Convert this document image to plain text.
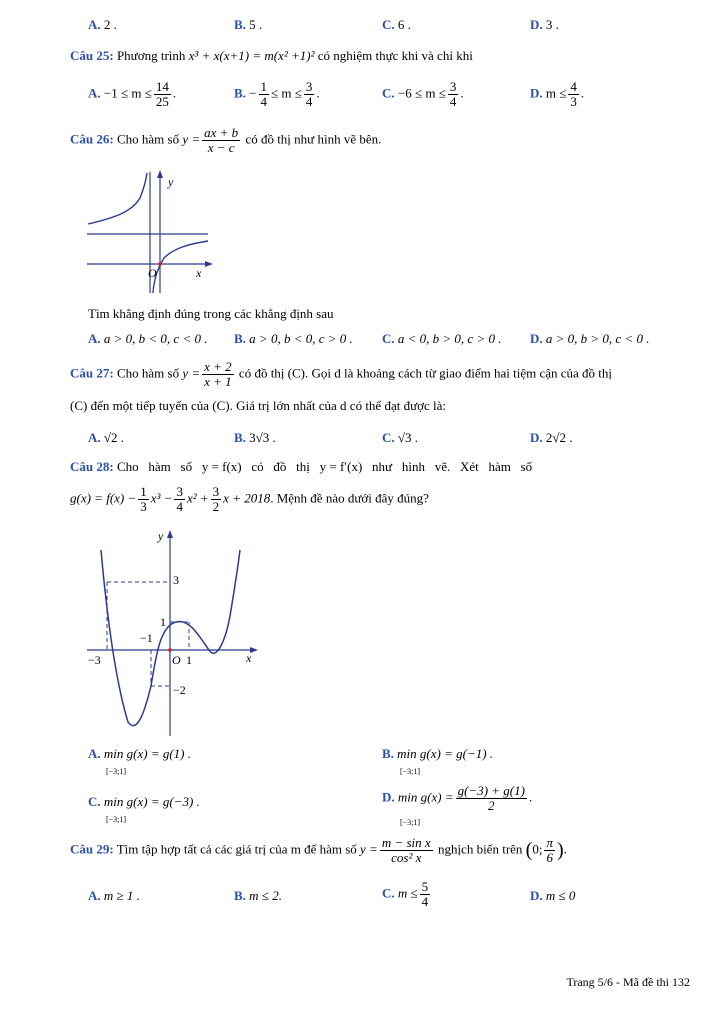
A. 2 .	B. 5 .	C. 6 .	D. 3 .
Câu 25: Phương trình x³ + x(x+1) = m(x² +1)² có nghiệm thực khi và chỉ khi
A. $-1 \le m \le \frac{14}{25}$ .	B. − $\frac{1}{4} \le m \le \frac{3}{4}$ .	C. $-6 \le m \le \frac{3}{4}$ .	D. $m \le \frac{4}{3}$ .
Câu 26: Cho hàm số $y = \frac{ax + b}{x - c}$ có đồ thị như hình vẽ bên.
y
x
O
Tìm khẳng định đúng trong các khẳng định sau
A. a > 0, b < 0, c < 0 . B. a > 0, b < 0, c > 0 . C. a < 0, b > 0, c > 0 . D. a > 0, b > 0, c < 0 .
Câu 27: Cho hàm số $y = \frac{x + 2}{x + 1}$ có đồ thị (C). Gọi d là khoảng cách từ giao điểm hai tiệm cận của đồ thị
(C) đến một tiếp tuyến của (C). Giá trị lớn nhất của d có thể đạt được là:
A. √2 .	B. 3√3 .	C. √3 .	D. 2√2 .
Câu 28: Cho   hàm   số   y = f(x)   có   đồ   thị   y = f′(x)   như   hình   vẽ.   Xét   hàm   số
$g(x) = f(x) - \frac{1}{3} x^3 - \frac{3}{4} x^2 + \frac{3}{2}$ x + 2018. Mệnh đề nào dưới đây đúng?
y
x
O
3
1
−1
−3	1
−2
A. min g(x) = g(1) .
[−3;1]
B. min g(x) = g(−1) .
[−3;1]
C. min g(x) = g(−3) .
[−3;1]
D. $\min g(x) = \frac{g(-3) + g(1)}{2}$ .
[−3;1]
Câu 29: Tìm tập hợp tất cả các giá trị của m để hàm số $y = \frac{\text{m − sin x}}{\text{cos² x}}$ nghịch biến trên (0; $\frac{\pi}{6}$ ).
A. m ≥ 1 .	B. m ≤ 2.	C. $m \le \frac{5}{4}$	D. m ≤ 0
Trang 5/6 - Mã đề thi 132
